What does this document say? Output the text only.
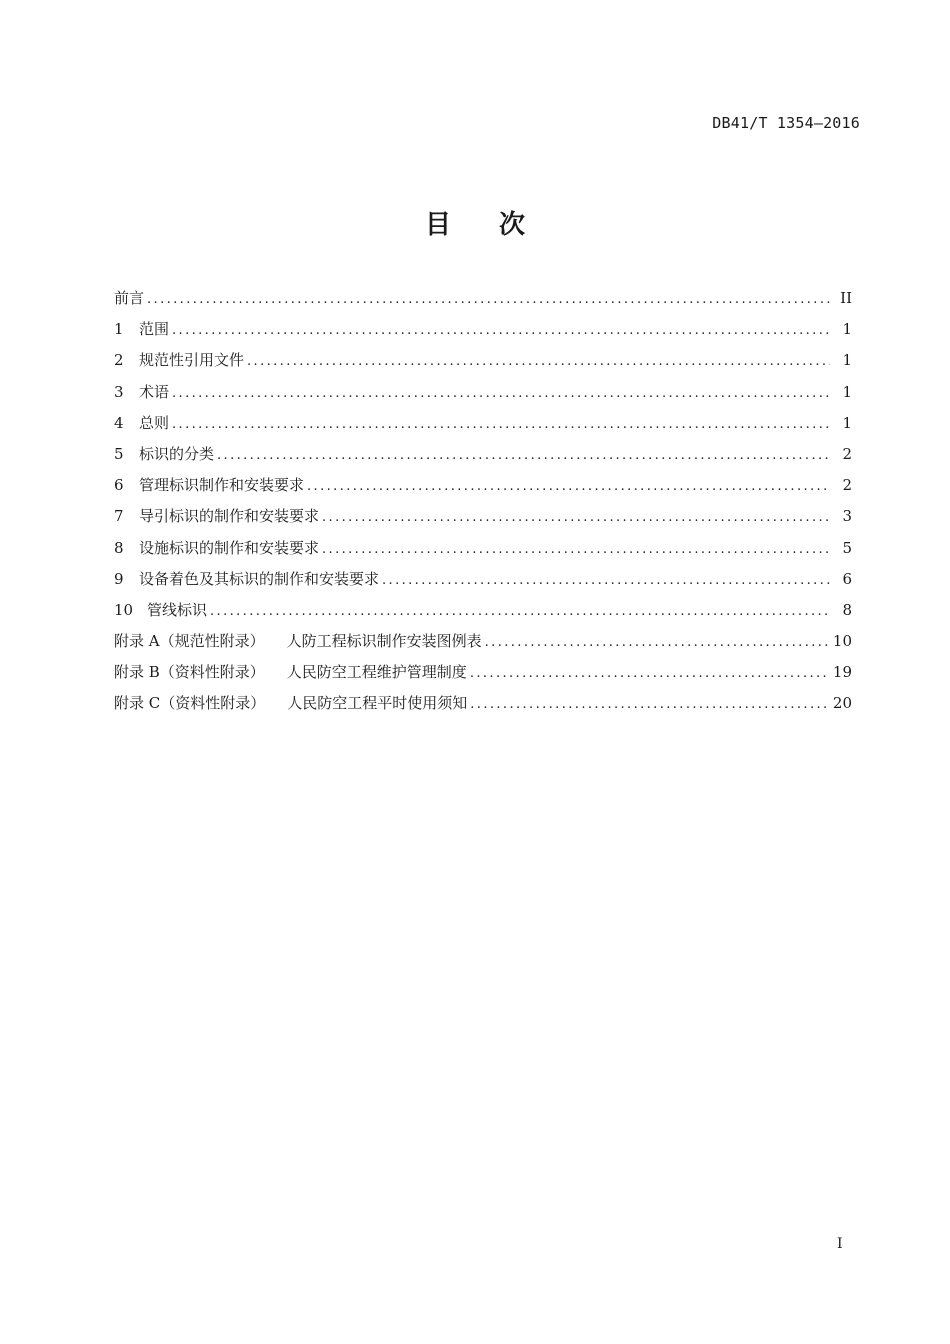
DB41/T 1354—2016
目 次
前言 .....	II
1	范围 .....	1
2	规范性引用文件 .....	1
3	术语 .....	1
4	总则 .....	1
5	标识的分类 .....	2
6	管理标识制作和安装要求 .....	2
7	导引标识的制作和安装要求 .....	3
8	设施标识的制作和安装要求 .....	5
9	设备着色及其标识的制作和安装要求 .....	6
10 管线标识 .....	8
附录 A（规范性附录） 人防工程标识制作安装图例表 .....	10
附录 B（资料性附录） 人民防空工程维护管理制度 .....	19
附录 C（资料性附录） 人民防空工程平时使用须知 .....	20
I
